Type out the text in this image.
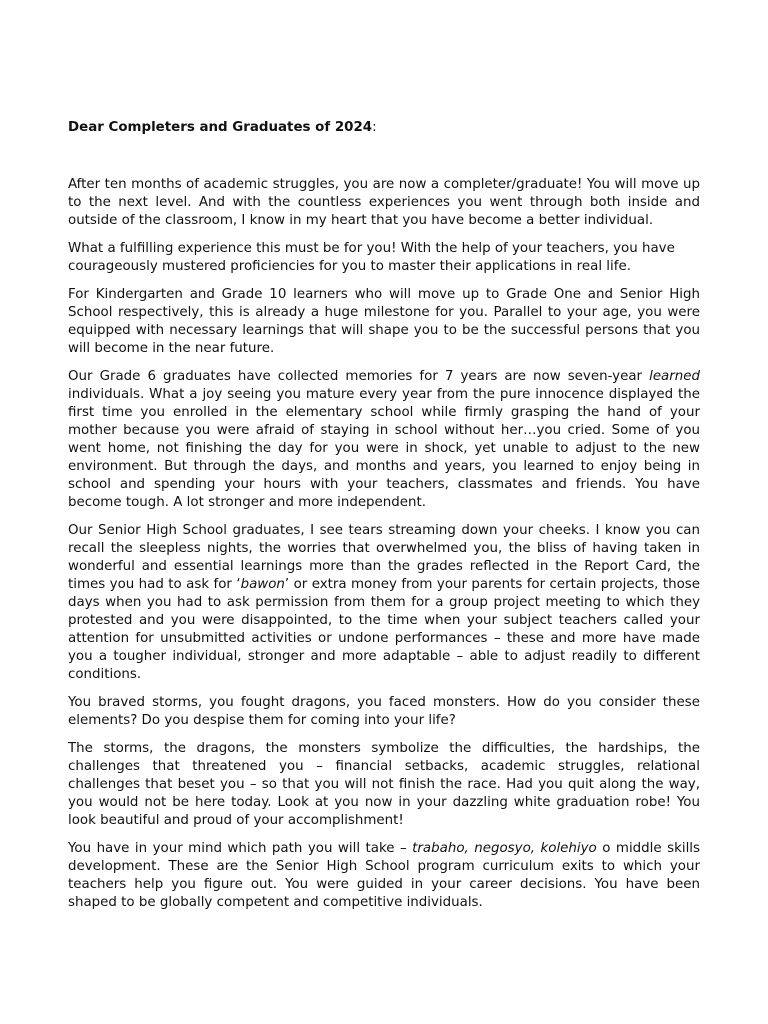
Dear Completers and Graduates of 2024:

After ten months of academic struggles, you are now a completer/graduate! You will move up to the next level. And with the countless experiences you went through both inside and outside of the classroom, I know in my heart that you have become a better individual.

What a fulfilling experience this must be for you! With the help of your teachers, you have courageously mustered proficiencies for you to master their applications in real life.

For Kindergarten and Grade 10 learners who will move up to Grade One and Senior High School respectively, this is already a huge milestone for you. Parallel to your age, you were equipped with necessary learnings that will shape you to be the successful persons that you will become in the near future.

Our Grade 6 graduates have collected memories for 7 years are now seven-year learned individuals. What a joy seeing you mature every year from the pure innocence displayed the first time you enrolled in the elementary school while firmly grasping the hand of your mother because you were afraid of staying in school without her…you cried. Some of you went home, not finishing the day for you were in shock, yet unable to adjust to the new environment. But through the days, and months and years, you learned to enjoy being in school and spending your hours with your teachers, classmates and friends. You have become tough. A lot stronger and more independent.

Our Senior High School graduates, I see tears streaming down your cheeks. I know you can recall the sleepless nights, the worries that overwhelmed you, the bliss of having taken in wonderful and essential learnings more than the grades reflected in the Report Card, the times you had to ask for ‘bawon’ or extra money from your parents for certain projects, those days when you had to ask permission from them for a group project meeting to which they protested and you were disappointed, to the time when your subject teachers called your attention for unsubmitted activities or undone performances – these and more have made you a tougher individual, stronger and more adaptable – able to adjust readily to different conditions.

You braved storms, you fought dragons, you faced monsters. How do you consider these elements? Do you despise them for coming into your life?

The storms, the dragons, the monsters symbolize the difficulties, the hardships, the challenges that threatened you – financial setbacks, academic struggles, relational challenges that beset you – so that you will not finish the race. Had you quit along the way, you would not be here today. Look at you now in your dazzling white graduation robe! You look beautiful and proud of your accomplishment!

You have in your mind which path you will take – trabaho, negosyo, kolehiyo o middle skills development. These are the Senior High School program curriculum exits to which your teachers help you figure out. You were guided in your career decisions. You have been shaped to be globally competent and competitive individuals.
